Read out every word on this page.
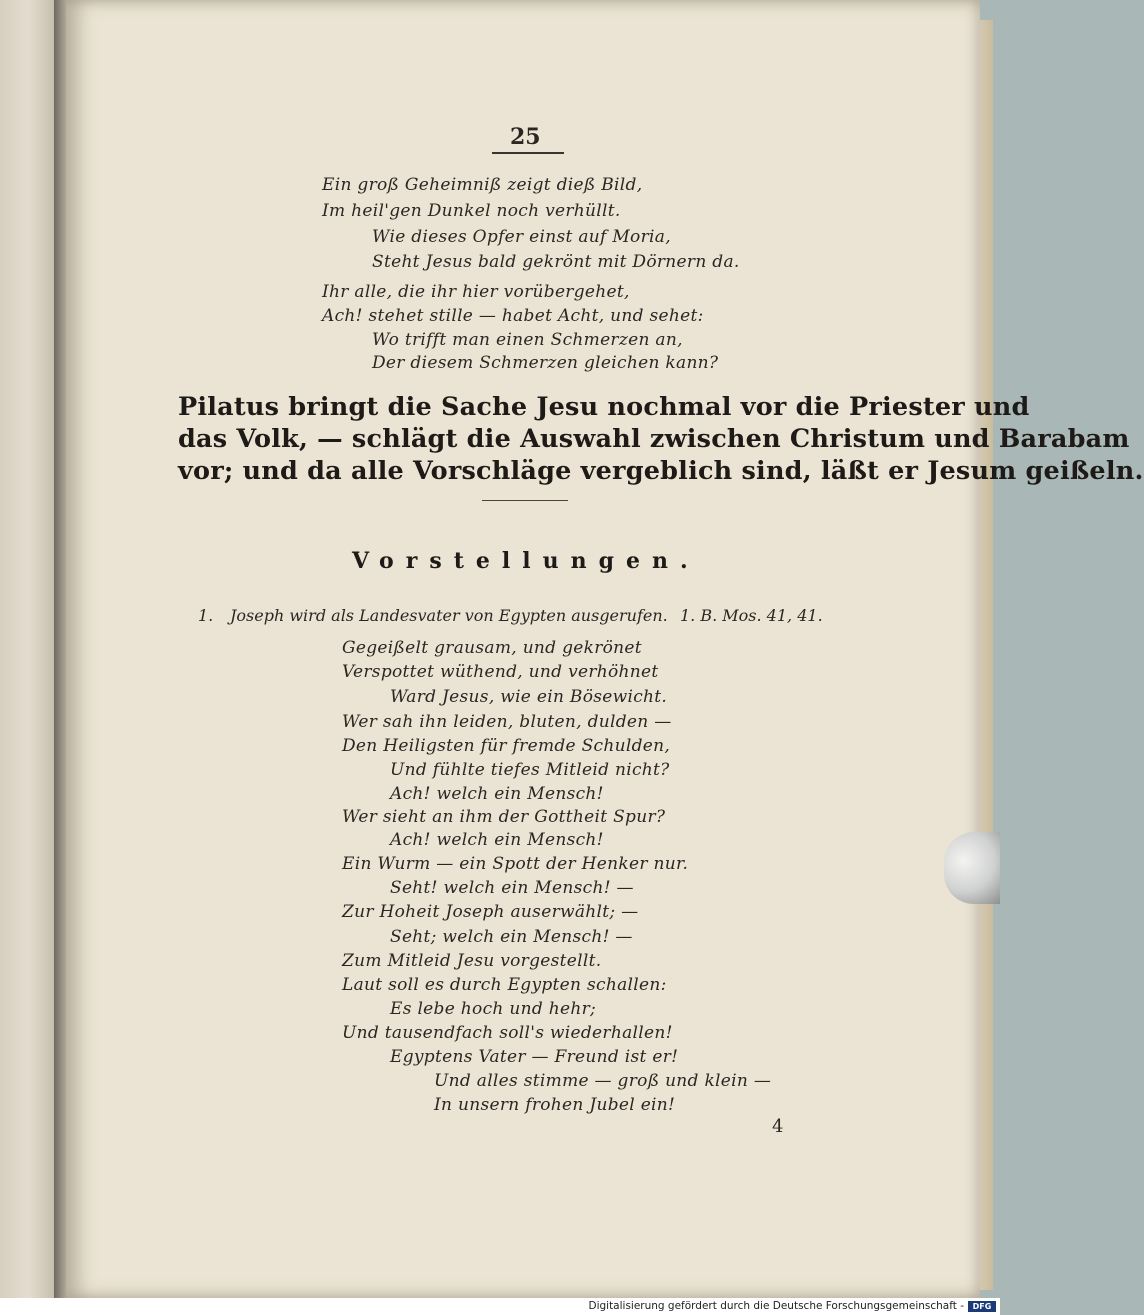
25
Ein groß Geheimniß zeigt dieß Bild,
Im heil'gen Dunkel noch verhüllt.
Wie dieses Opfer einst auf Moria,
Steht Jesus bald gekrönt mit Dörnern da.
Ihr alle, die ihr hier vorübergehet,
Ach! stehet stille — habet Acht, und sehet:
Wo trifft man einen Schmerzen an,
Der diesem Schmerzen gleichen kann?
Pilatus bringt die Sache Jesu nochmal vor die Priester und
das Volk, — schlägt die Auswahl zwischen Christum und Barabam
vor; und da alle Vorschläge vergeblich sind, läßt er Jesum geißeln.
Vorstellungen.
1. Joseph wird als Landesvater von Egypten ausgerufen. 1. B. Mos. 41, 41.
Gegeißelt grausam, und gekrönet
Verspottet wüthend, und verhöhnet
Ward Jesus, wie ein Bösewicht.
Wer sah ihn leiden, bluten, dulden —
Den Heiligsten für fremde Schulden,
Und fühlte tiefes Mitleid nicht?
Ach! welch ein Mensch!
Wer sieht an ihm der Gottheit Spur?
Ach! welch ein Mensch!
Ein Wurm — ein Spott der Henker nur.
Seht! welch ein Mensch! —
Zur Hoheit Joseph auserwählt; —
Seht; welch ein Mensch! —
Zum Mitleid Jesu vorgestellt.
Laut soll es durch Egypten schallen:
Es lebe hoch und hehr;
Und tausendfach soll's wiederhallen!
Egyptens Vater — Freund ist er!
Und alles stimme — groß und klein —
In unsern frohen Jubel ein!
4
Digitalisierung gefördert durch die Deutsche Forschungsgemeinschaft -	DFG
